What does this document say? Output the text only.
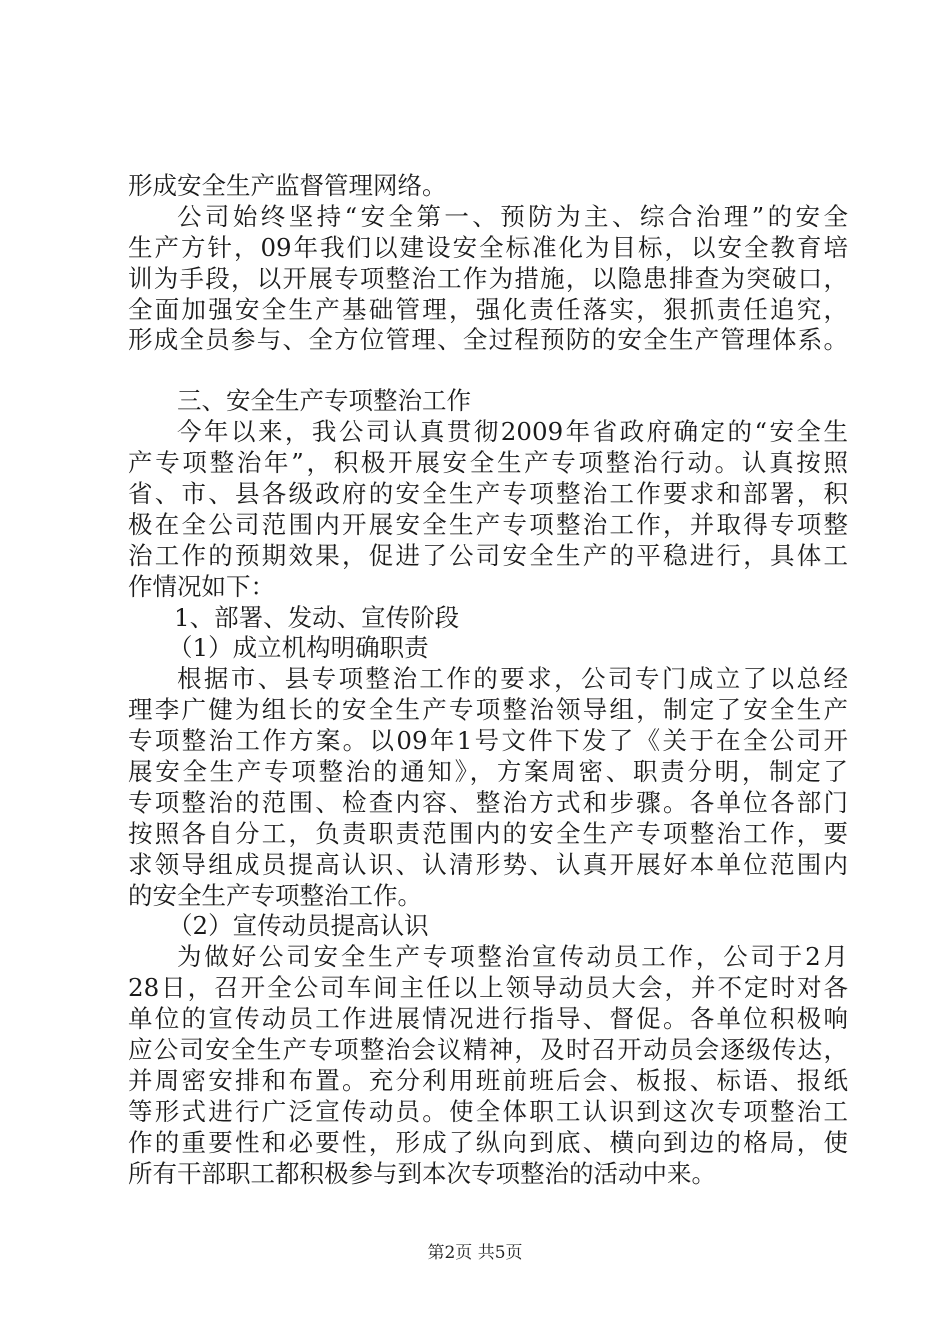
形成安全生产监督管理网络。
公司始终坚持“安全第一、预防为主、综合治理”的安全
生产方针，09年我们以建设安全标准化为目标，以安全教育培
训为手段，以开展专项整治工作为措施，以隐患排查为突破口，
全面加强安全生产基础管理，强化责任落实，狠抓责任追究，
形成全员参与、全方位管理、全过程预防的安全生产管理体系。
三、安全生产专项整治工作
今年以来，我公司认真贯彻2009年省政府确定的“安全生
产专项整治年”，积极开展安全生产专项整治行动。认真按照
省、市、县各级政府的安全生产专项整治工作要求和部署，积
极在全公司范围内开展安全生产专项整治工作，并取得专项整
治工作的预期效果，促进了公司安全生产的平稳进行，具体工
作情况如下：
1、部署、发动、宣传阶段
（1）成立机构明确职责
根据市、县专项整治工作的要求，公司专门成立了以总经
理李广健为组长的安全生产专项整治领导组，制定了安全生产
专项整治工作方案。以09年1号文件下发了《关于在全公司开
展安全生产专项整治的通知》，方案周密、职责分明，制定了
专项整治的范围、检查内容、整治方式和步骤。各单位各部门
按照各自分工，负责职责范围内的安全生产专项整治工作，要
求领导组成员提高认识、认清形势、认真开展好本单位范围内
的安全生产专项整治工作。
（2）宣传动员提高认识
为做好公司安全生产专项整治宣传动员工作，公司于2月
28日，召开全公司车间主任以上领导动员大会，并不定时对各
单位的宣传动员工作进展情况进行指导、督促。各单位积极响
应公司安全生产专项整治会议精神，及时召开动员会逐级传达，
并周密安排和布置。充分利用班前班后会、板报、标语、报纸
等形式进行广泛宣传动员。使全体职工认识到这次专项整治工
作的重要性和必要性，形成了纵向到底、横向到边的格局，使
所有干部职工都积极参与到本次专项整治的活动中来。
第2页 共5页
